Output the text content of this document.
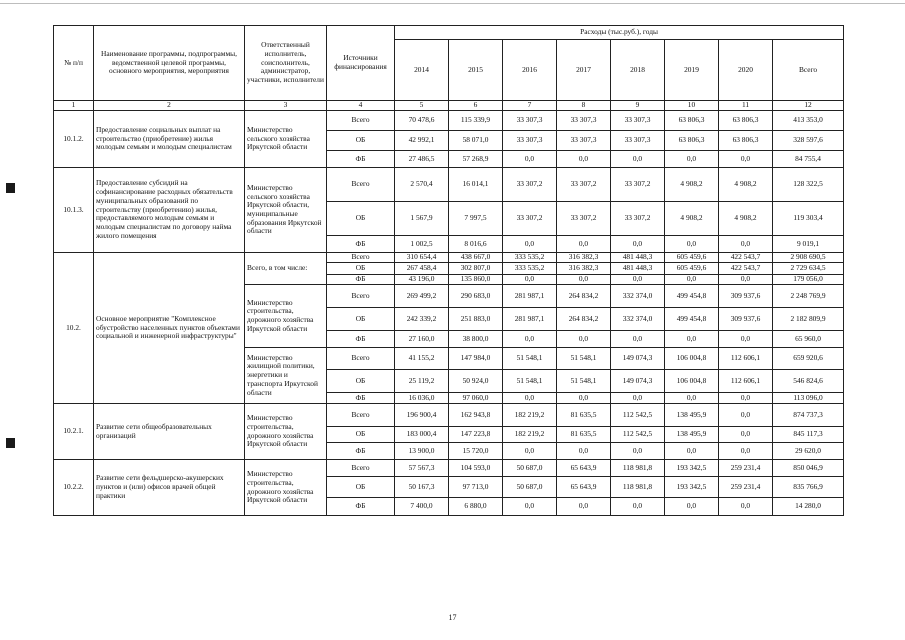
№ п/п	Наименование программы, подпрограммы, ведомственной целевой программы, основного мероприятия, мероприятия	Ответственный исполнитель, соисполнитель, администратор, участники, исполнители	Источники финансирования	Расходы (тыс.руб.), годы							
				2014	2015	2016	2017	2018	2019	2020	Всего
1	2	3	4	5	6	7	8	9	10	11	12
10.1.2.	Предоставление социальных выплат на строительство (приобретение) жилья молодым семьям и молодым специалистам	Министерство сельского хозяйства Иркутской области	Всего	70 478,6	115 339,9	33 307,3	33 307,3	33 307,3	63 806,3	63 806,3	413 353,0
			ОБ	42 992,1	58 071,0	33 307,3	33 307,3	33 307,3	63 806,3	63 806,3	328 597,6
			ФБ	27 486,5	57 268,9	0,0	0,0	0,0	0,0	0,0	84 755,4
10.1.3.	Предоставление субсидий на софинансирование расходных обязательств муниципальных образований по строительству (приобретению) жилья, предоставляемого молодым семьям и молодым специалистам по договору найма жилого помещения	Министерство сельского хозяйства Иркутской области, муниципальные образования Иркутской области	Всего	2 570,4	16 014,1	33 307,2	33 307,2	33 307,2	4 908,2	4 908,2	128 322,5
			ОБ	1 567,9	7 997,5	33 307,2	33 307,2	33 307,2	4 908,2	4 908,2	119 303,4
			ФБ	1 002,5	8 016,6	0,0	0,0	0,0	0,0	0,0	9 019,1
10.2.	Основное мероприятие "Комплексное обустройство населенных пунктов объектами социальной и инженерной инфраструктуры"	Всего, в том числе:	Всего	310 654,4	438 667,0	333 535,2	316 382,3	481 448,3	605 459,6	422 543,7	2 908 690,5
			ОБ	267 458,4	302 807,0	333 535,2	316 382,3	481 448,3	605 459,6	422 543,7	2 729 634,5
			ФБ	43 196,0	135 860,0	0,0	0,0	0,0	0,0	0,0	179 056,0
		Министерство строительства, дорожного хозяйства Иркутской области	Всего	269 499,2	290 683,0	281 987,1	264 834,2	332 374,0	499 454,8	309 937,6	2 248 769,9
			ОБ	242 339,2	251 883,0	281 987,1	264 834,2	332 374,0	499 454,8	309 937,6	2 182 809,9
			ФБ	27 160,0	38 800,0	0,0	0,0	0,0	0,0	0,0	65 960,0
		Министерство жилищной политики, энергетики и транспорта Иркутской области	Всего	41 155,2	147 984,0	51 548,1	51 548,1	149 074,3	106 004,8	112 606,1	659 920,6
			ОБ	25 119,2	50 924,0	51 548,1	51 548,1	149 074,3	106 004,8	112 606,1	546 824,6
			ФБ	16 036,0	97 060,0	0,0	0,0	0,0	0,0	0,0	113 096,0
10.2.1.	Развитие сети общеобразовательных организаций	Министерство строительства, дорожного хозяйства Иркутской области	Всего	196 900,4	162 943,8	182 219,2	81 635,5	112 542,5	138 495,9	0,0	874 737,3
			ОБ	183 000,4	147 223,8	182 219,2	81 635,5	112 542,5	138 495,9	0,0	845 117,3
			ФБ	13 900,0	15 720,0	0,0	0,0	0,0	0,0	0,0	29 620,0
10.2.2.	Развитие сети фельдшерско-акушерских пунктов и (или) офисов врачей общей практики	Министерство строительства, дорожного хозяйства Иркутской области	Всего	57 567,3	104 593,0	50 687,0	65 643,9	118 981,8	193 342,5	259 231,4	850 046,9
			ОБ	50 167,3	97 713,0	50 687,0	65 643,9	118 981,8	193 342,5	259 231,4	835 766,9
			ФБ	7 400,0	6 880,0	0,0	0,0	0,0	0,0	0,0	14 280,0
17
